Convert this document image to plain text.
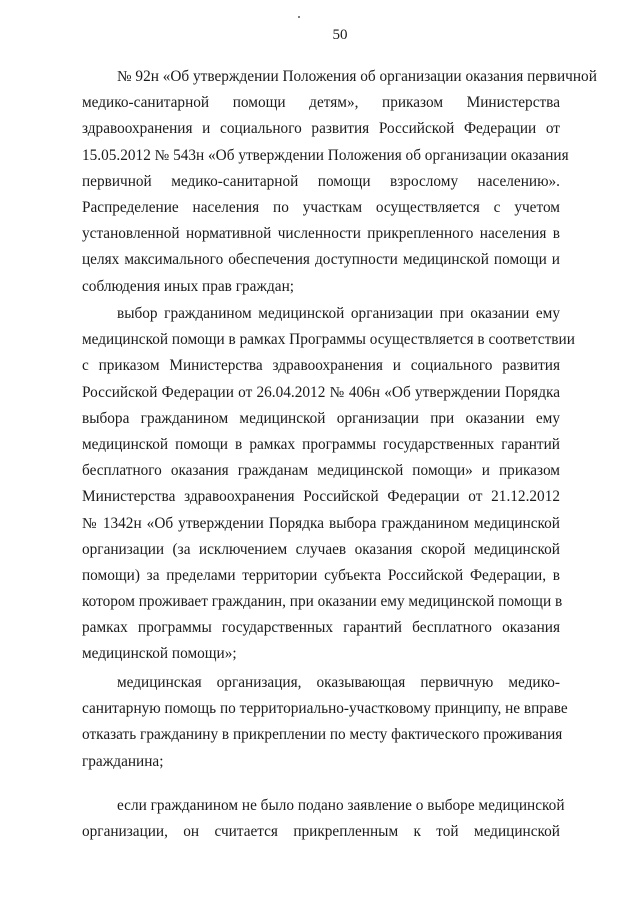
50
№ 92н «Об утверждении Положения об организации оказания первичной
медико-санитарной помощи детям», приказом Министерства
здравоохранения и социального развития Российской Федерации от
15.05.2012 № 543н «Об утверждении Положения об организации оказания
первичной медико-санитарной помощи взрослому населению».
Распределение населения по участкам осуществляется с учетом
установленной нормативной численности прикрепленного населения в
целях максимального обеспечения доступности медицинской помощи и
соблюдения иных прав граждан;
выбор гражданином медицинской организации при оказании ему
медицинской помощи в рамках Программы осуществляется в соответствии
с приказом Министерства здравоохранения и социального развития
Российской Федерации от 26.04.2012 № 406н «Об утверждении Порядка
выбора гражданином медицинской организации при оказании ему
медицинской помощи в рамках программы государственных гарантий
бесплатного оказания гражданам медицинской помощи» и приказом
Министерства здравоохранения Российской Федерации от 21.12.2012
№ 1342н «Об утверждении Порядка выбора гражданином медицинской
организации (за исключением случаев оказания скорой медицинской
помощи) за пределами территории субъекта Российской Федерации, в
котором проживает гражданин, при оказании ему медицинской помощи в
рамках программы государственных гарантий бесплатного оказания
медицинской помощи»;
медицинская организация, оказывающая первичную медико-
санитарную помощь по территориально-участковому принципу, не вправе
отказать гражданину в прикреплении по месту фактического проживания
гражданина;
если гражданином не было подано заявление о выборе медицинской
организации, он считается прикрепленным к той медицинской
